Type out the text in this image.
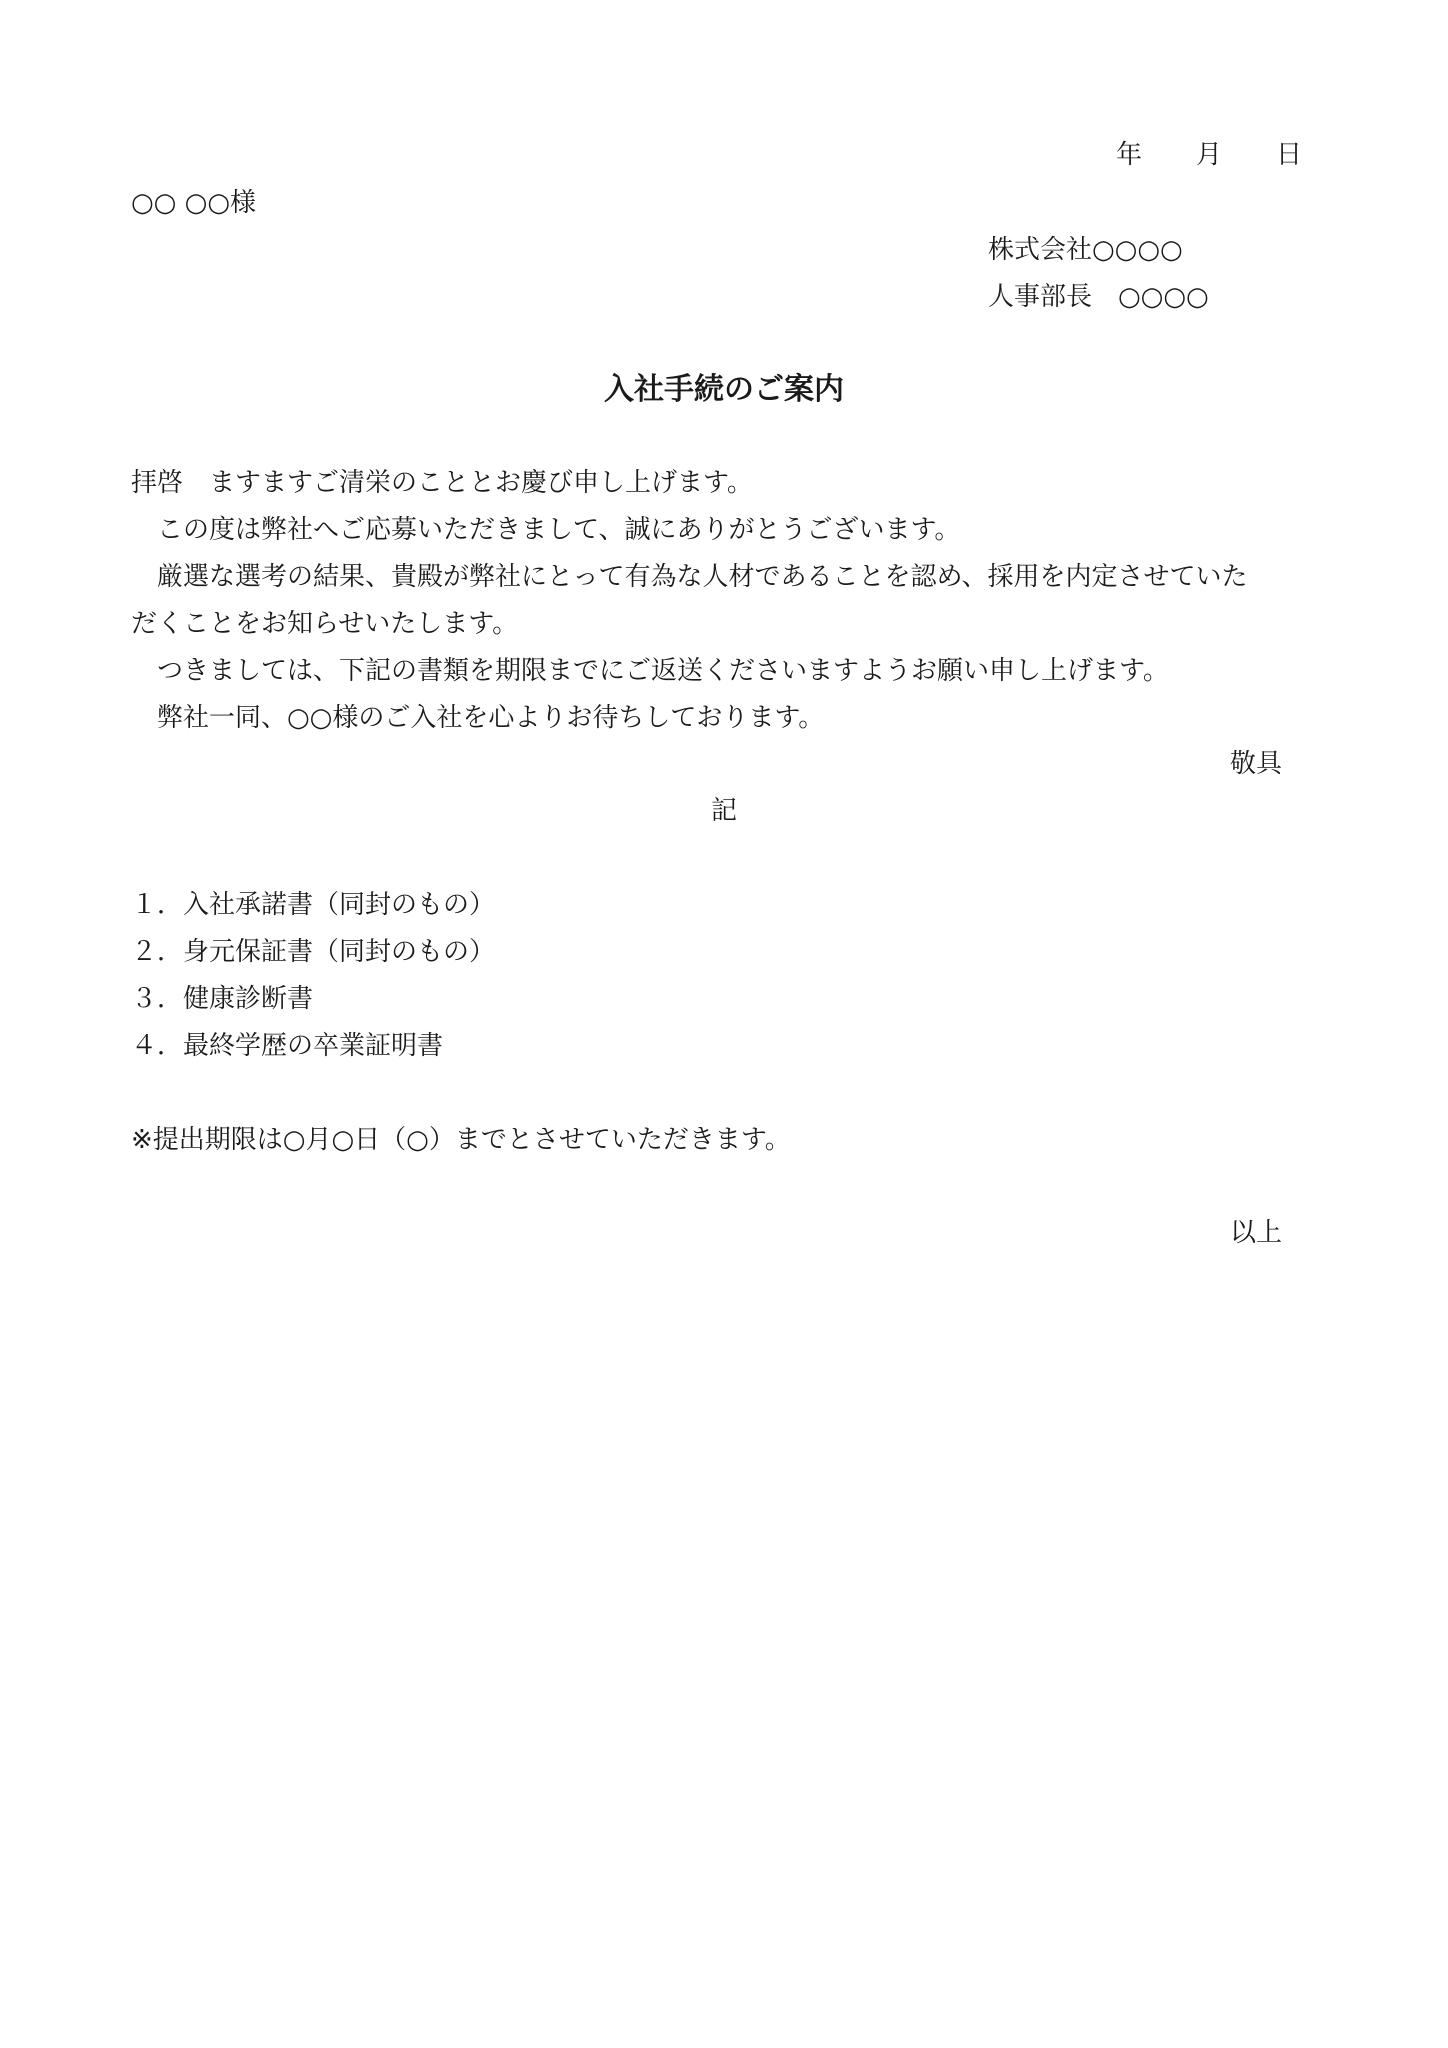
年	月	日
○○ ○○様
株式会社○○○○
人事部長　○○○○
入社手続のご案内
拝啓　ますますご清栄のこととお慶び申し上げます。
この度は弊社へご応募いただきまして、誠にありがとうございます。
厳選な選考の結果、貴殿が弊社にとって有為な人材であることを認め、採用を内定させていた
だくことをお知らせいたします。
つきましては、下記の書類を期限までにご返送くださいますようお願い申し上げます。
弊社一同、○○様のご入社を心よりお待ちしております。
敬具
記
１．入社承諾書（同封のもの）
２．身元保証書（同封のもの）
３．健康診断書
４．最終学歴の卒業証明書
※提出期限は○月○日（○）までとさせていただきます。
以上
